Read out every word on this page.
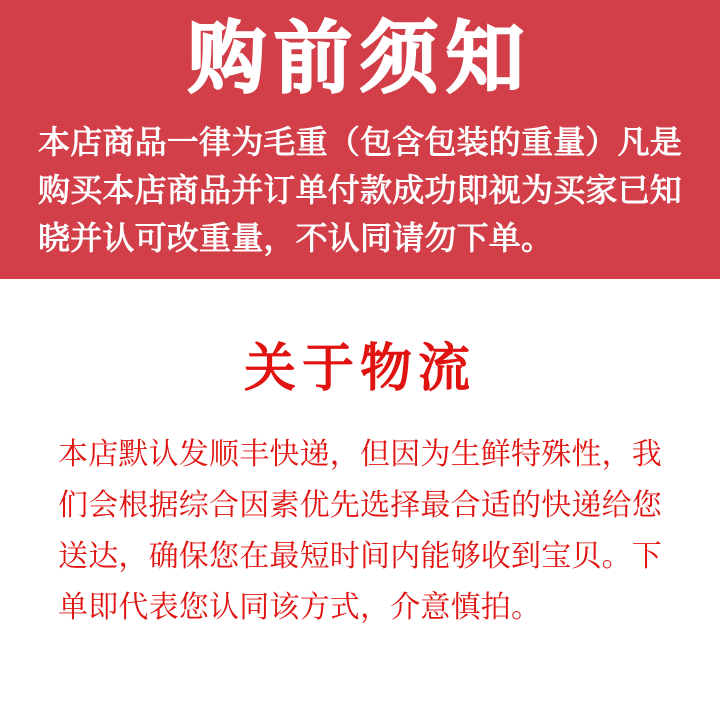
购前须知
本店商品一律为毛重（包含包装的重量）凡是
购买本店商品并订单付款成功即视为买家已知
晓并认可改重量，不认同请勿下单。
关于物流
本店默认发顺丰快递，但因为生鲜特殊性，我
们会根据综合因素优先选择最合适的快递给您
送达，确保您在最短时间内能够收到宝贝。下
单即代表您认同该方式，介意慎拍。
